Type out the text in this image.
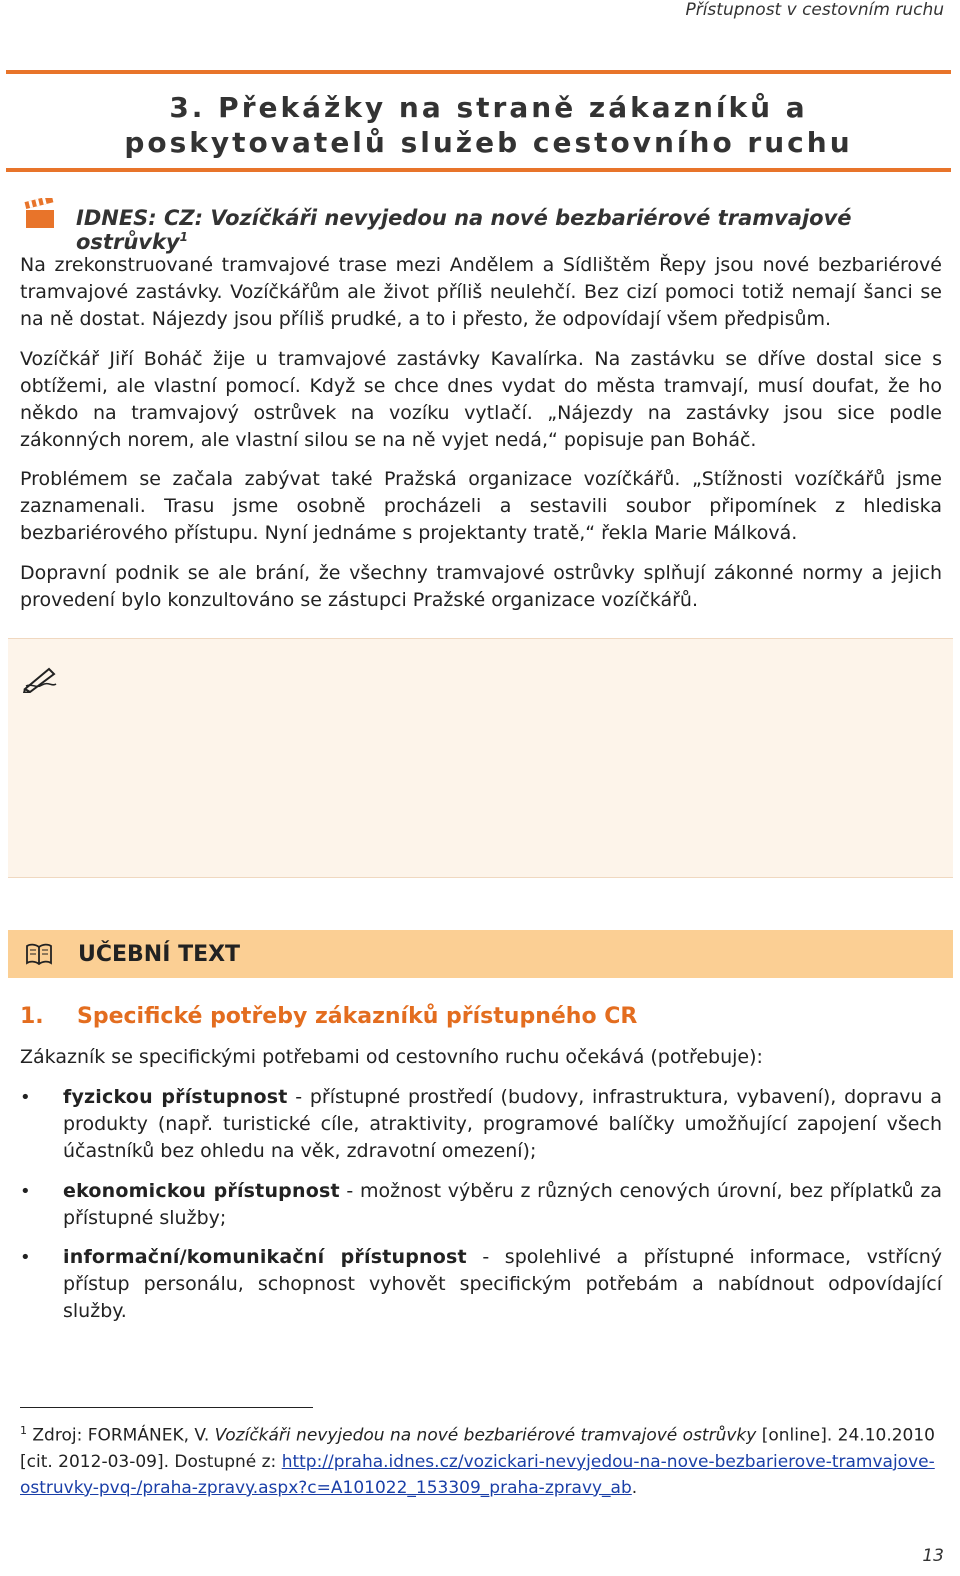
Přístupnost v cestovním ruchu
3. Překážky na straně zákazníků a poskytovatelů služeb cestovního ruchu
IDNES: CZ: Vozíčkáři nevyjedou na nové bezbariérové tramvajové ostrůvky$^1$

Na zrekonstruované tramvajové trase mezi Andělem a Sídlištěm Řepy jsou nové bezbariérové tramvajové zastávky. Vozíčkářům ale život příliš neulehčí. Bez cizí pomoci totiž nemají šanci se na ně dostat. Nájezdy jsou příliš prudké, a to i přesto, že odpovídají všem předpisům.

Vozíčkář Jiří Boháč žije u tramvajové zastávky Kavalírka. Na zastávku se dříve dostal sice s obtížemi, ale vlastní pomocí. Když se chce dnes vydat do města tramvají, musí doufat, že ho někdo na tramvajový ostrůvek na vozíku vytlačí. „Nájezdy na zastávky jsou sice podle zákonných norem, ale vlastní silou se na ně vyjet nedá,“ popisuje pan Boháč.

Problémem se začala zabývat také Pražská organizace vozíčkářů. „Stížnosti vozíčkářů jsme zaznamenali. Trasu jsme osobně procházeli a sestavili soubor připomínek z hlediska bezbariérového přístupu. Nyní jednáme s projektanty tratě,“ řekla Marie Málková.

Dopravní podnik se ale brání, že všechny tramvajové ostrůvky splňují zákonné normy a jejich provedení bylo konzultováno se zástupci Pražské organizace vozíčkářů.

UČEBNÍ TEXT
1. Specifické potřeby zákazníků přístupného CR

Zákazník se specifickými potřebami od cestovního ruchu očekává (potřebuje):

•	fyzickou přístupnost - přístupné prostředí (budovy, infrastruktura, vybavení), dopravu a produkty (např. turistické cíle, atraktivity, programové balíčky umožňující zapojení všech účastníků bez ohledu na věk, zdravotní omezení);

•	ekonomickou přístupnost - možnost výběru z různých cenových úrovní, bez příplatků za přístupné služby;

•	informační/komunikační přístupnost - spolehlivé a přístupné informace, vstřícný přístup personálu, schopnost vyhovět specifickým potřebám a nabídnout odpovídající služby.

$^1$ Zdroj: FORMÁNEK, V. Vozíčkáři nevyjedou na nové bezbariérové tramvajové ostrůvky [online]. 24.10.2010 [cit. 2012-03-09]. Dostupné z: http://praha.idnes.cz/vozickari-nevyjedou-na-nove-bezbarierove-tramvajove-ostruvky-pvq-/praha-zpravy.aspx?c=A101022_153309_praha-zpravy_ab.

13
